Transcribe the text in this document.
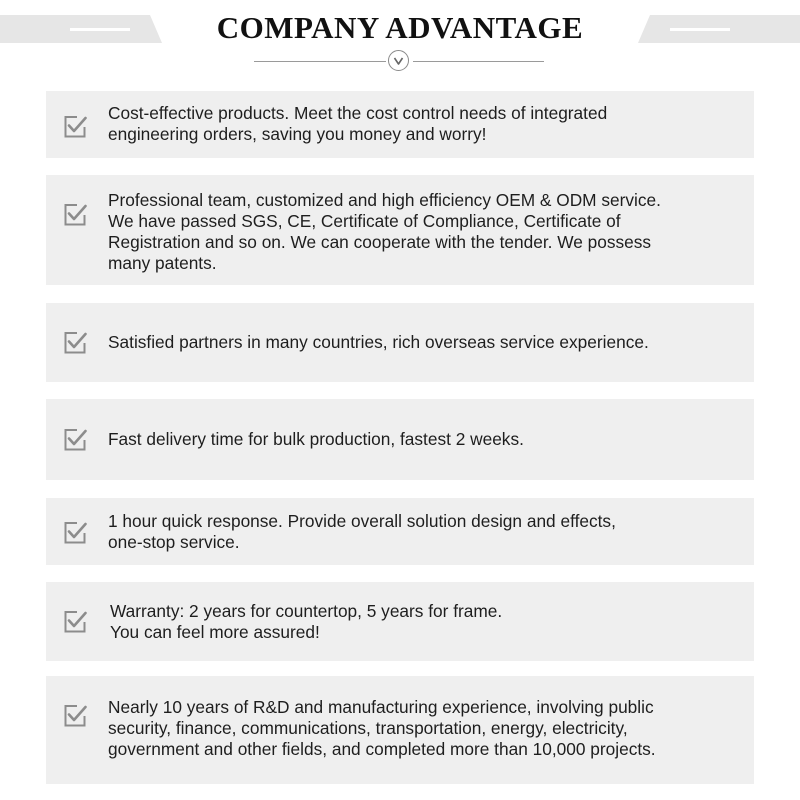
COMPANY ADVANTAGE

Cost-effective products. Meet the cost control needs of integrated
engineering orders, saving you money and worry!

Professional team, customized and high efficiency OEM & ODM service.
We have passed SGS, CE, Certificate of Compliance, Certificate of
Registration and so on. We can cooperate with the tender. We possess
many patents.

Satisfied partners in many countries, rich overseas service experience.

Fast delivery time for bulk production, fastest 2 weeks.

1 hour quick response. Provide overall solution design and effects,
one-stop service.

Warranty: 2 years for countertop, 5 years for frame.
You can feel more assured!

Nearly 10 years of R&D and manufacturing experience, involving public
security, finance, communications, transportation, energy, electricity,
government and other fields, and completed more than 10,000 projects.
